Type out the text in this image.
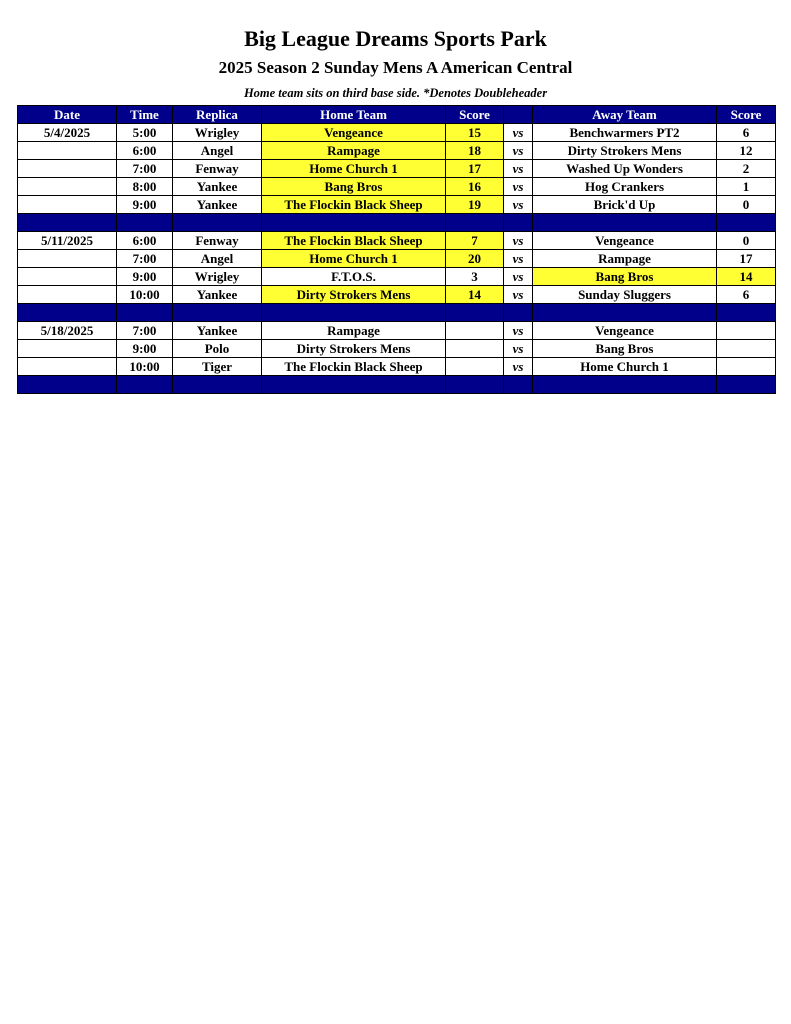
Big League Dreams Sports Park
2025 Season 2 Sunday Mens A American Central
Home team sits on third base side. *Denotes Doubleheader
Date	Time	Replica	Home Team	Score		Away Team	Score
5/4/2025	5:00	Wrigley	Vengeance	15	vs	Benchwarmers PT2	6
	6:00	Angel	Rampage	18	vs	Dirty Strokers Mens	12
	7:00	Fenway	Home Church 1	17	vs	Washed Up Wonders	2
	8:00	Yankee	Bang Bros	16	vs	Hog Crankers	1
	9:00	Yankee	The Flockin Black Sheep	19	vs	Brick'd Up	0

5/11/2025	6:00	Fenway	The Flockin Black Sheep	7	vs	Vengeance	0
	7:00	Angel	Home Church 1	20	vs	Rampage	17
	9:00	Wrigley	F.T.O.S.	3	vs	Bang Bros	14
	10:00	Yankee	Dirty Strokers Mens	14	vs	Sunday Sluggers	6

5/18/2025	7:00	Yankee	Rampage		vs	Vengeance	
	9:00	Polo	Dirty Strokers Mens		vs	Bang Bros	
	10:00	Tiger	The Flockin Black Sheep		vs	Home Church 1	
